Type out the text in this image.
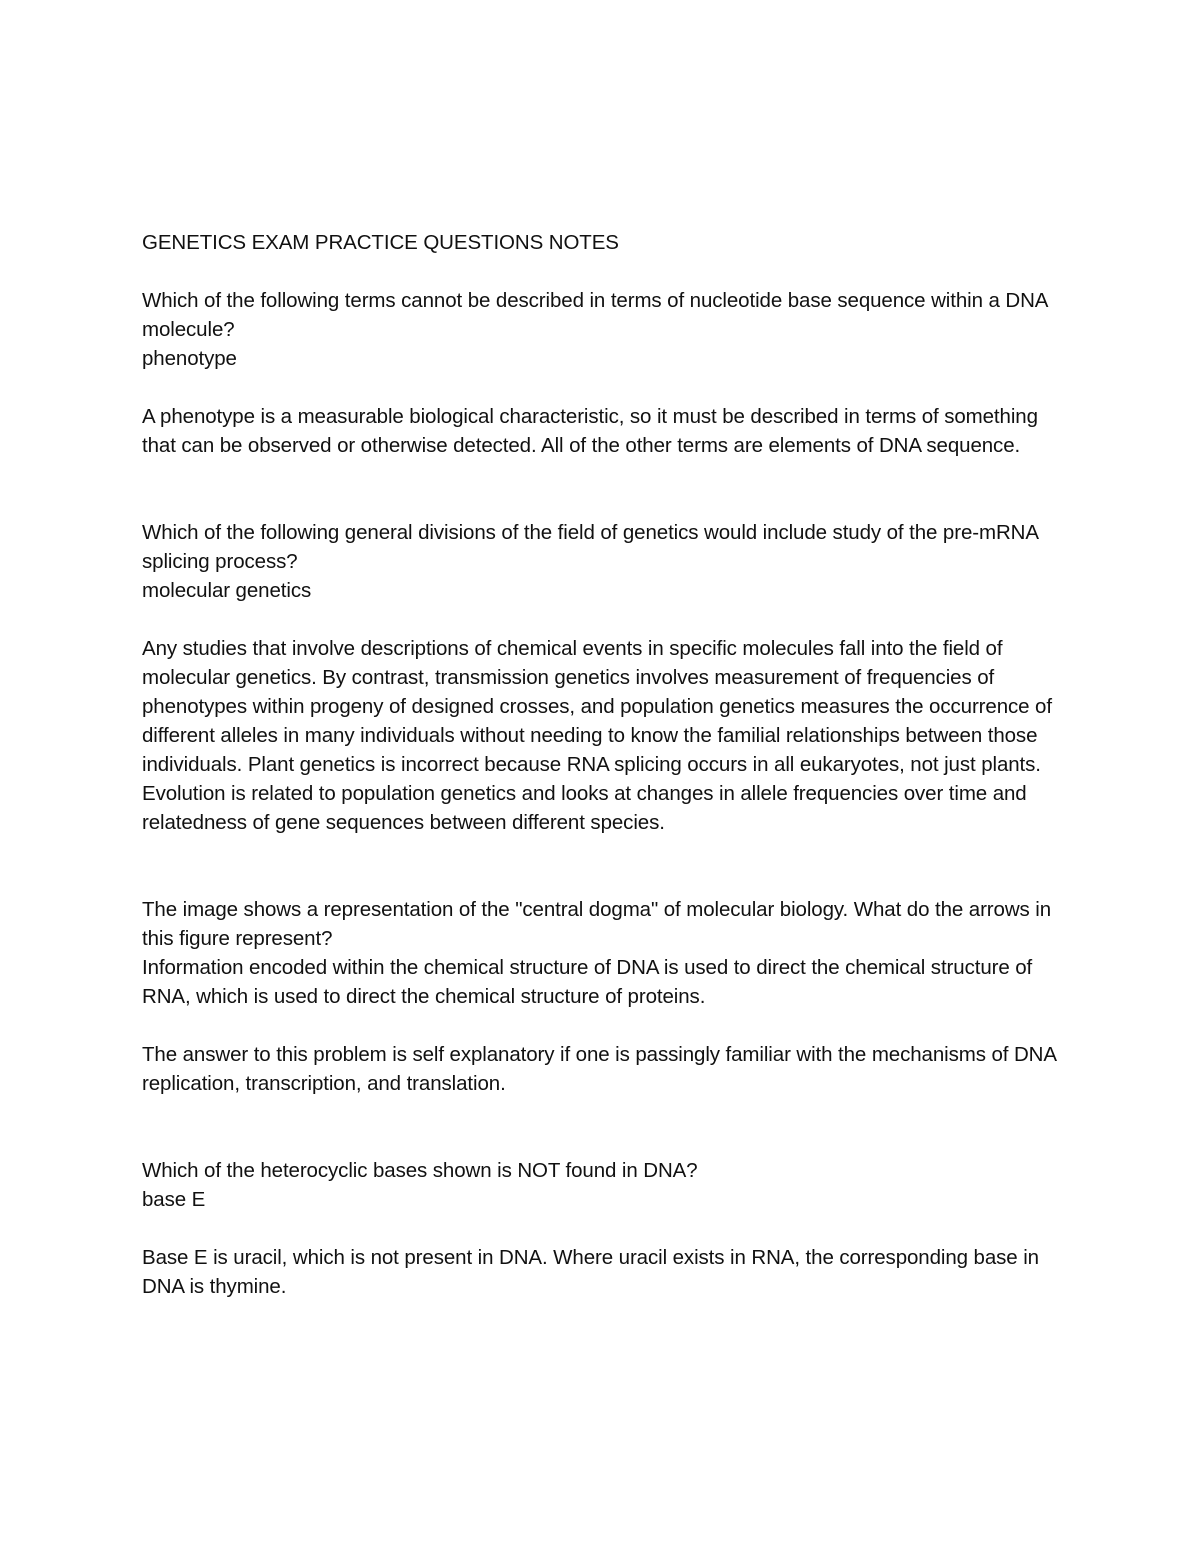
GENETICS EXAM PRACTICE QUESTIONS NOTES

Which of the following terms cannot be described in terms of nucleotide base sequence within a DNA molecule?

phenotype

A phenotype is a measurable biological characteristic, so it must be described in terms of something that can be observed or otherwise detected. All of the other terms are elements of DNA sequence.

Which of the following general divisions of the field of genetics would include study of the pre-mRNA splicing process?

molecular genetics

Any studies that involve descriptions of chemical events in specific molecules fall into the field of molecular genetics. By contrast, transmission genetics involves measurement of frequencies of phenotypes within progeny of designed crosses, and population genetics measures the occurrence of different alleles in many individuals without needing to know the familial relationships between those individuals. Plant genetics is incorrect because RNA splicing occurs in all eukaryotes, not just plants. Evolution is related to population genetics and looks at changes in allele frequencies over time and relatedness of gene sequences between different species.

The image shows a representation of the "central dogma" of molecular biology. What do the arrows in this figure represent?

Information encoded within the chemical structure of DNA is used to direct the chemical structure of RNA, which is used to direct the chemical structure of proteins.

The answer to this problem is self explanatory if one is passingly familiar with the mechanisms of DNA replication, transcription, and translation.

Which of the heterocyclic bases shown is NOT found in DNA?

base E

Base E is uracil, which is not present in DNA. Where uracil exists in RNA, the corresponding base in DNA is thymine.
